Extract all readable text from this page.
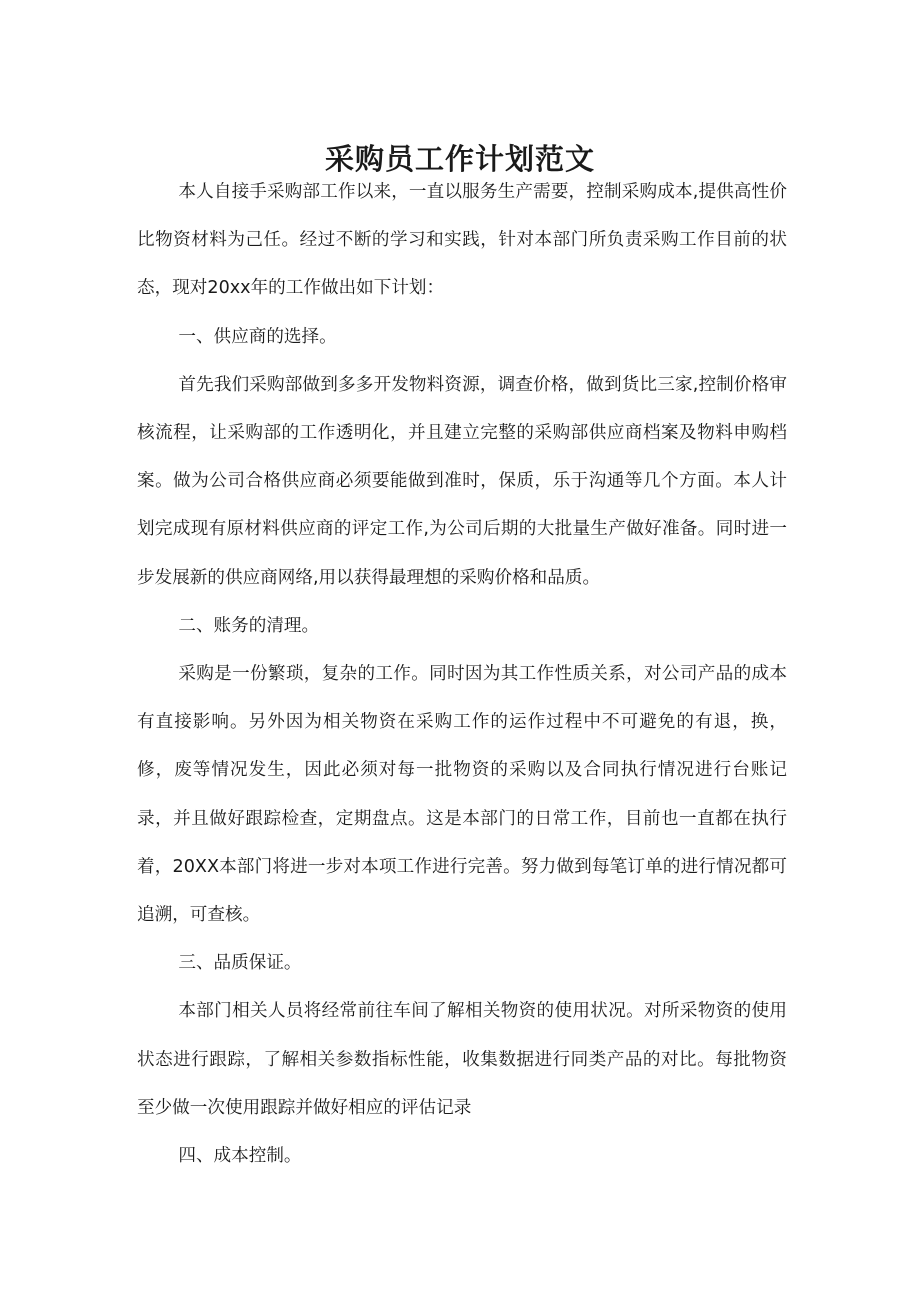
采购员工作计划范文

本人自接手采购部工作以来，一直以服务生产需要，控制采购成本,提供高性价比物资材料为己任。经过不断的学习和实践，针对本部门所负责采购工作目前的状态，现对20xx年的工作做出如下计划：

一、供应商的选择。

首先我们采购部做到多多开发物料资源，调查价格，做到货比三家,控制价格审核流程，让采购部的工作透明化，并且建立完整的采购部供应商档案及物料申购档案。做为公司合格供应商必须要能做到准时，保质，乐于沟通等几个方面。本人计划完成现有原材料供应商的评定工作,为公司后期的大批量生产做好准备。同时进一步发展新的供应商网络,用以获得最理想的采购价格和品质。

二、账务的清理。

采购是一份繁琐，复杂的工作。同时因为其工作性质关系，对公司产品的成本有直接影响。另外因为相关物资在采购工作的运作过程中不可避免的有退，换，修，废等情况发生，因此必须对每一批物资的采购以及合同执行情况进行台账记录，并且做好跟踪检查，定期盘点。这是本部门的日常工作，目前也一直都在执行着，20XX本部门将进一步对本项工作进行完善。努力做到每笔订单的进行情况都可追溯，可查核。

三、品质保证。

本部门相关人员将经常前往车间了解相关物资的使用状况。对所采物资的使用状态进行跟踪，了解相关参数指标性能，收集数据进行同类产品的对比。每批物资至少做一次使用跟踪并做好相应的评估记录

四、成本控制。
